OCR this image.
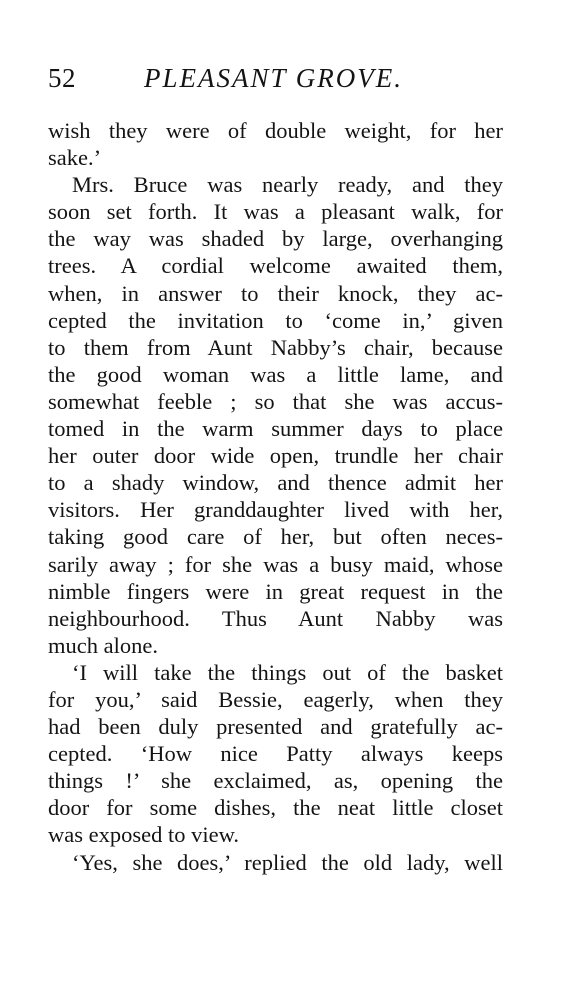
52	PLEASANT GROVE.
wish they were of double weight, for her
sake.’
Mrs. Bruce was nearly ready, and they
soon set forth. It was a pleasant walk, for
the way was shaded by large, overhanging
trees. A cordial welcome awaited them,
when, in answer to their knock, they ac-
cepted the invitation to ‘come in,’ given
to them from Aunt Nabby’s chair, because
the good woman was a little lame, and
somewhat feeble ; so that she was accus-
tomed in the warm summer days to place
her outer door wide open, trundle her chair
to a shady window, and thence admit her
visitors. Her granddaughter lived with her,
taking good care of her, but often neces-
sarily away ; for she was a busy maid, whose
nimble fingers were in great request in the
neighbourhood. Thus Aunt Nabby was
much alone.
‘I will take the things out of the basket
for you,’ said Bessie, eagerly, when they
had been duly presented and gratefully ac-
cepted. ‘How nice Patty always keeps
things !’ she exclaimed, as, opening the
door for some dishes, the neat little closet
was exposed to view.
‘Yes, she does,’ replied the old lady, well
